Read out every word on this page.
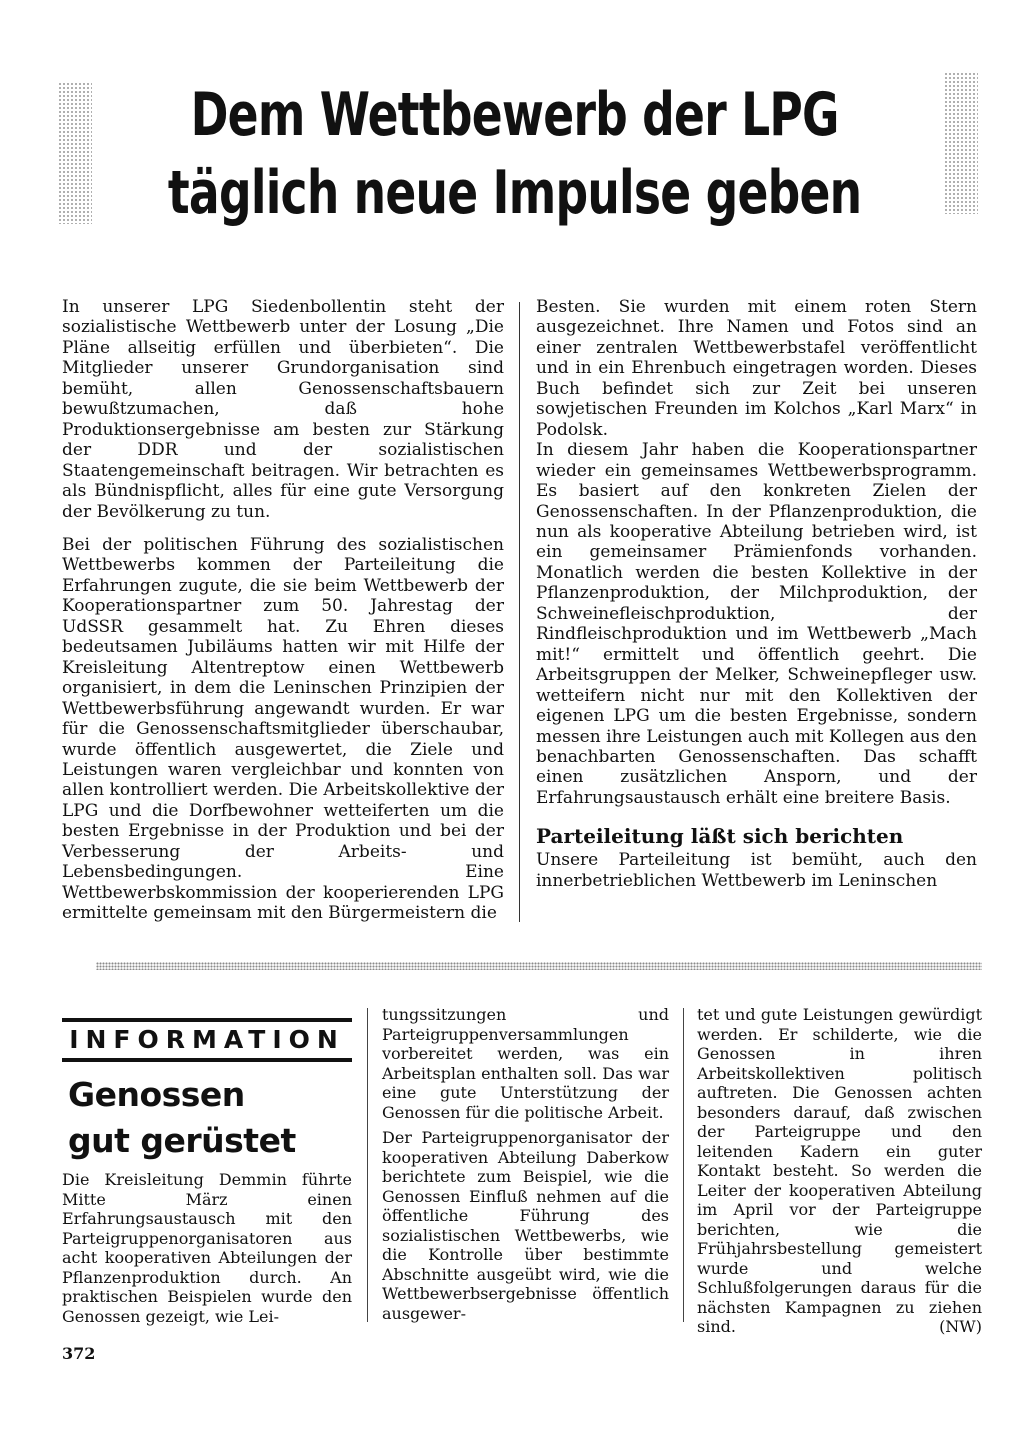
Dem Wettbewerb der LPG
täglich neue Impulse geben

In unserer LPG Siedenbollentin steht der sozialistische Wettbewerb unter der Losung „Die Pläne allseitig erfüllen und überbieten“. Die Mitglieder unserer Grundorganisation sind bemüht, allen Genossenschaftsbauern bewußtzumachen, daß hohe Produktionsergebnisse am besten zur Stärkung der DDR und der sozialistischen Staatengemeinschaft beitragen. Wir betrachten es als Bündnispflicht, alles für eine gute Versorgung der Bevölkerung zu tun.

Bei der politischen Führung des sozialistischen Wettbewerbs kommen der Parteileitung die Erfahrungen zugute, die sie beim Wettbewerb der Kooperationspartner zum 50. Jahrestag der UdSSR gesammelt hat. Zu Ehren dieses bedeutsamen Jubiläums hatten wir mit Hilfe der Kreisleitung Altentreptow einen Wettbewerb organisiert, in dem die Leninschen Prinzipien der Wettbewerbsführung angewandt wurden. Er war für die Genossenschaftsmitglieder überschaubar, wurde öffentlich ausgewertet, die Ziele und Leistungen waren vergleichbar und konnten von allen kontrolliert werden. Die Arbeitskollektive der LPG und die Dorfbewohner wetteiferten um die besten Ergebnisse in der Produktion und bei der Verbesserung der Arbeits- und Lebensbedingungen. Eine Wettbewerbskommission der kooperierenden LPG ermittelte gemeinsam mit den Bürgermeistern die

Besten. Sie wurden mit einem roten Stern ausgezeichnet. Ihre Namen und Fotos sind an einer zentralen Wettbewerbstafel veröffentlicht und in ein Ehrenbuch eingetragen worden. Dieses Buch befindet sich zur Zeit bei unseren sowjetischen Freunden im Kolchos „Karl Marx“ in Podolsk.

In diesem Jahr haben die Kooperationspartner wieder ein gemeinsames Wettbewerbsprogramm. Es basiert auf den konkreten Zielen der Genossenschaften. In der Pflanzenproduktion, die nun als kooperative Abteilung betrieben wird, ist ein gemeinsamer Prämienfonds vorhanden. Monatlich werden die besten Kollektive in der Pflanzenproduktion, der Milchproduktion, der Schweinefleischproduktion, der Rindfleischproduktion und im Wettbewerb „Mach mit!“ ermittelt und öffentlich geehrt. Die Arbeitsgruppen der Melker, Schweinepfleger usw. wetteifern nicht nur mit den Kollektiven der eigenen LPG um die besten Ergebnisse, sondern messen ihre Leistungen auch mit Kollegen aus den benachbarten Genossenschaften. Das schafft einen zusätzlichen Ansporn, und der Erfahrungsaustausch erhält eine breitere Basis.

Parteileitung läßt sich berichten

Unsere Parteileitung ist bemüht, auch den innerbetrieblichen Wettbewerb im Leninschen

INFORMATION
Genossen
gut gerüstet

Die Kreisleitung Demmin führte Mitte März einen Erfahrungsaustausch mit den Parteigruppenorganisatoren aus acht kooperativen Abteilungen der Pflanzenproduktion durch. An praktischen Beispielen wurde den Genossen gezeigt, wie Lei-

tungssitzungen und Parteigruppenversammlungen vorbereitet werden, was ein Arbeitsplan enthalten soll. Das war eine gute Unterstützung der Genossen für die politische Arbeit.

Der Parteigruppenorganisator der kooperativen Abteilung Daberkow berichtete zum Beispiel, wie die Genossen Einfluß nehmen auf die öffentliche Führung des sozialistischen Wettbewerbs, wie die Kontrolle über bestimmte Abschnitte ausgeübt wird, wie die Wettbewerbsergebnisse öffentlich ausgewer-

tet und gute Leistungen gewürdigt werden. Er schilderte, wie die Genossen in ihren Arbeitskollektiven politisch auftreten. Die Genossen achten besonders darauf, daß zwischen der Parteigruppe und den leitenden Kadern ein guter Kontakt besteht. So werden die Leiter der kooperativen Abteilung im April vor der Parteigruppe berichten, wie die Frühjahrsbestellung gemeistert wurde und welche Schlußfolgerungen daraus für die nächsten Kampagnen zu ziehen sind.	(NW)

372
